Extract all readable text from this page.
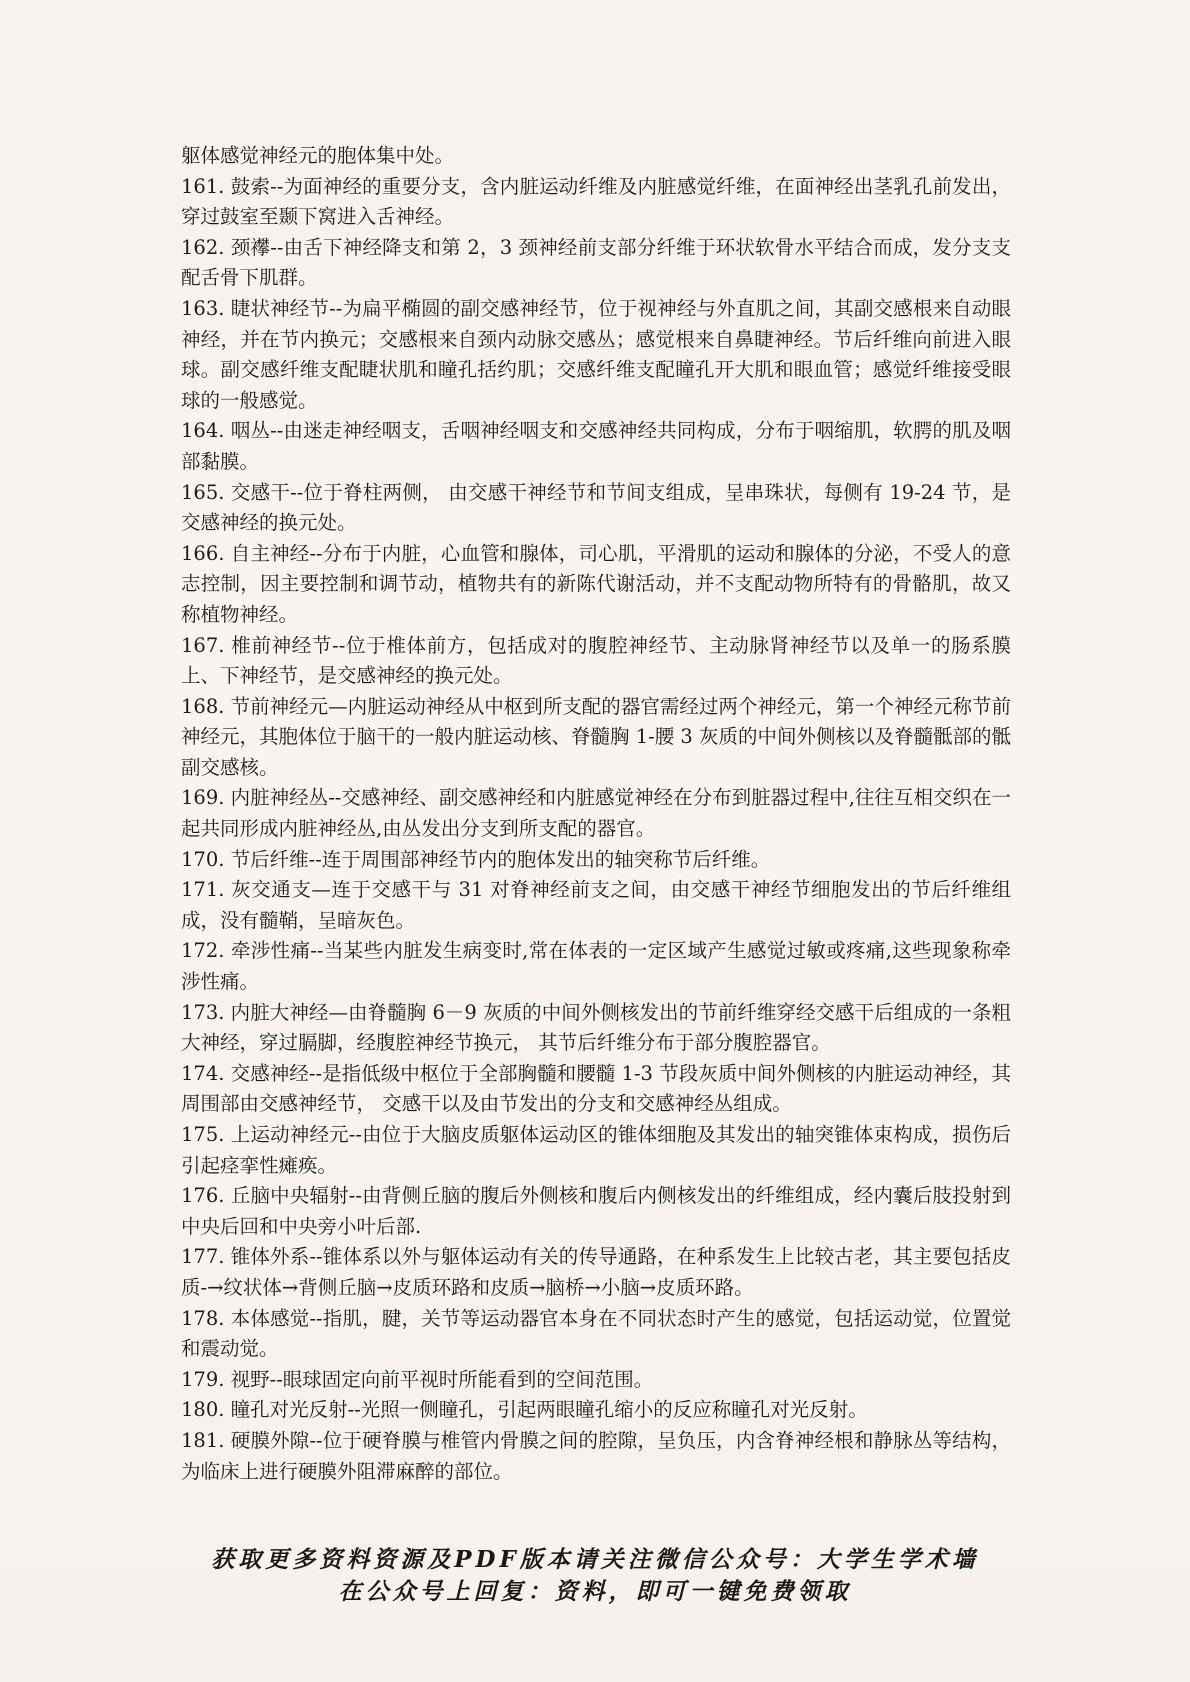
躯体感觉神经元的胞体集中处。

161. 鼓索--为面神经的重要分支，含内脏运动纤维及内脏感觉纤维，在面神经出茎乳孔前发出，穿过鼓室至颞下窝进入舌神经。

162. 颈襻--由舌下神经降支和第 2，3 颈神经前支部分纤维于环状软骨水平结合而成，发分支支配舌骨下肌群。

163. 睫状神经节--为扁平椭圆的副交感神经节，位于视神经与外直肌之间，其副交感根来自动眼神经，并在节内换元；交感根来自颈内动脉交感丛；感觉根来自鼻睫神经。节后纤维向前进入眼球。副交感纤维支配睫状肌和瞳孔括约肌；交感纤维支配瞳孔开大肌和眼血管；感觉纤维接受眼球的一般感觉。

164. 咽丛--由迷走神经咽支，舌咽神经咽支和交感神经共同构成，分布于咽缩肌，软腭的肌及咽部黏膜。

165. 交感干--位于脊柱两侧， 由交感干神经节和节间支组成，呈串珠状，每侧有 19-24 节，是交感神经的换元处。

166. 自主神经--分布于内脏，心血管和腺体，司心肌，平滑肌的运动和腺体的分泌，不受人的意志控制，因主要控制和调节动，植物共有的新陈代谢活动，并不支配动物所特有的骨骼肌，故又称植物神经。

167. 椎前神经节--位于椎体前方，包括成对的腹腔神经节、主动脉肾神经节以及单一的肠系膜上、下神经节，是交感神经的换元处。

168. 节前神经元—内脏运动神经从中枢到所支配的器官需经过两个神经元，第一个神经元称节前神经元，其胞体位于脑干的一般内脏运动核、脊髓胸 1-腰 3 灰质的中间外侧核以及脊髓骶部的骶副交感核。

169. 内脏神经丛--交感神经、副交感神经和内脏感觉神经在分布到脏器过程中,往往互相交织在一起共同形成内脏神经丛,由丛发出分支到所支配的器官。

170. 节后纤维--连于周围部神经节内的胞体发出的轴突称节后纤维。

171. 灰交通支—连于交感干与 31 对脊神经前支之间，由交感干神经节细胞发出的节后纤维组成，没有髓鞘，呈暗灰色。

172. 牵涉性痛--当某些内脏发生病变时,常在体表的一定区域产生感觉过敏或疼痛,这些现象称牵涉性痛。

173. 内脏大神经—由脊髓胸 6－9 灰质的中间外侧核发出的节前纤维穿经交感干后组成的一条粗大神经，穿过膈脚，经腹腔神经节换元， 其节后纤维分布于部分腹腔器官。

174. 交感神经--是指低级中枢位于全部胸髓和腰髓 1-3 节段灰质中间外侧核的内脏运动神经，其周围部由交感神经节， 交感干以及由节发出的分支和交感神经丛组成。

175. 上运动神经元--由位于大脑皮质躯体运动区的锥体细胞及其发出的轴突锥体束构成，损伤后引起痉挛性瘫痪。

176. 丘脑中央辐射--由背侧丘脑的腹后外侧核和腹后内侧核发出的纤维组成，经内囊后肢投射到中央后回和中央旁小叶后部.

177. 锥体外系--锥体系以外与躯体运动有关的传导通路，在种系发生上比较古老，其主要包括皮质-→纹状体→背侧丘脑→皮质环路和皮质→脑桥→小脑→皮质环路。

178. 本体感觉--指肌，腱，关节等运动器官本身在不同状态时产生的感觉，包括运动觉，位置觉和震动觉。

179. 视野--眼球固定向前平视时所能看到的空间范围。

180. 瞳孔对光反射--光照一侧瞳孔，引起两眼瞳孔缩小的反应称瞳孔对光反射。

181. 硬膜外隙--位于硬脊膜与椎管内骨膜之间的腔隙，呈负压，内含脊神经根和静脉丛等结构，为临床上进行硬膜外阻滞麻醉的部位。

获取更多资料资源及PDF版本请关注微信公众号：大学生学术墙
在公众号上回复：资料，即可一键免费领取
